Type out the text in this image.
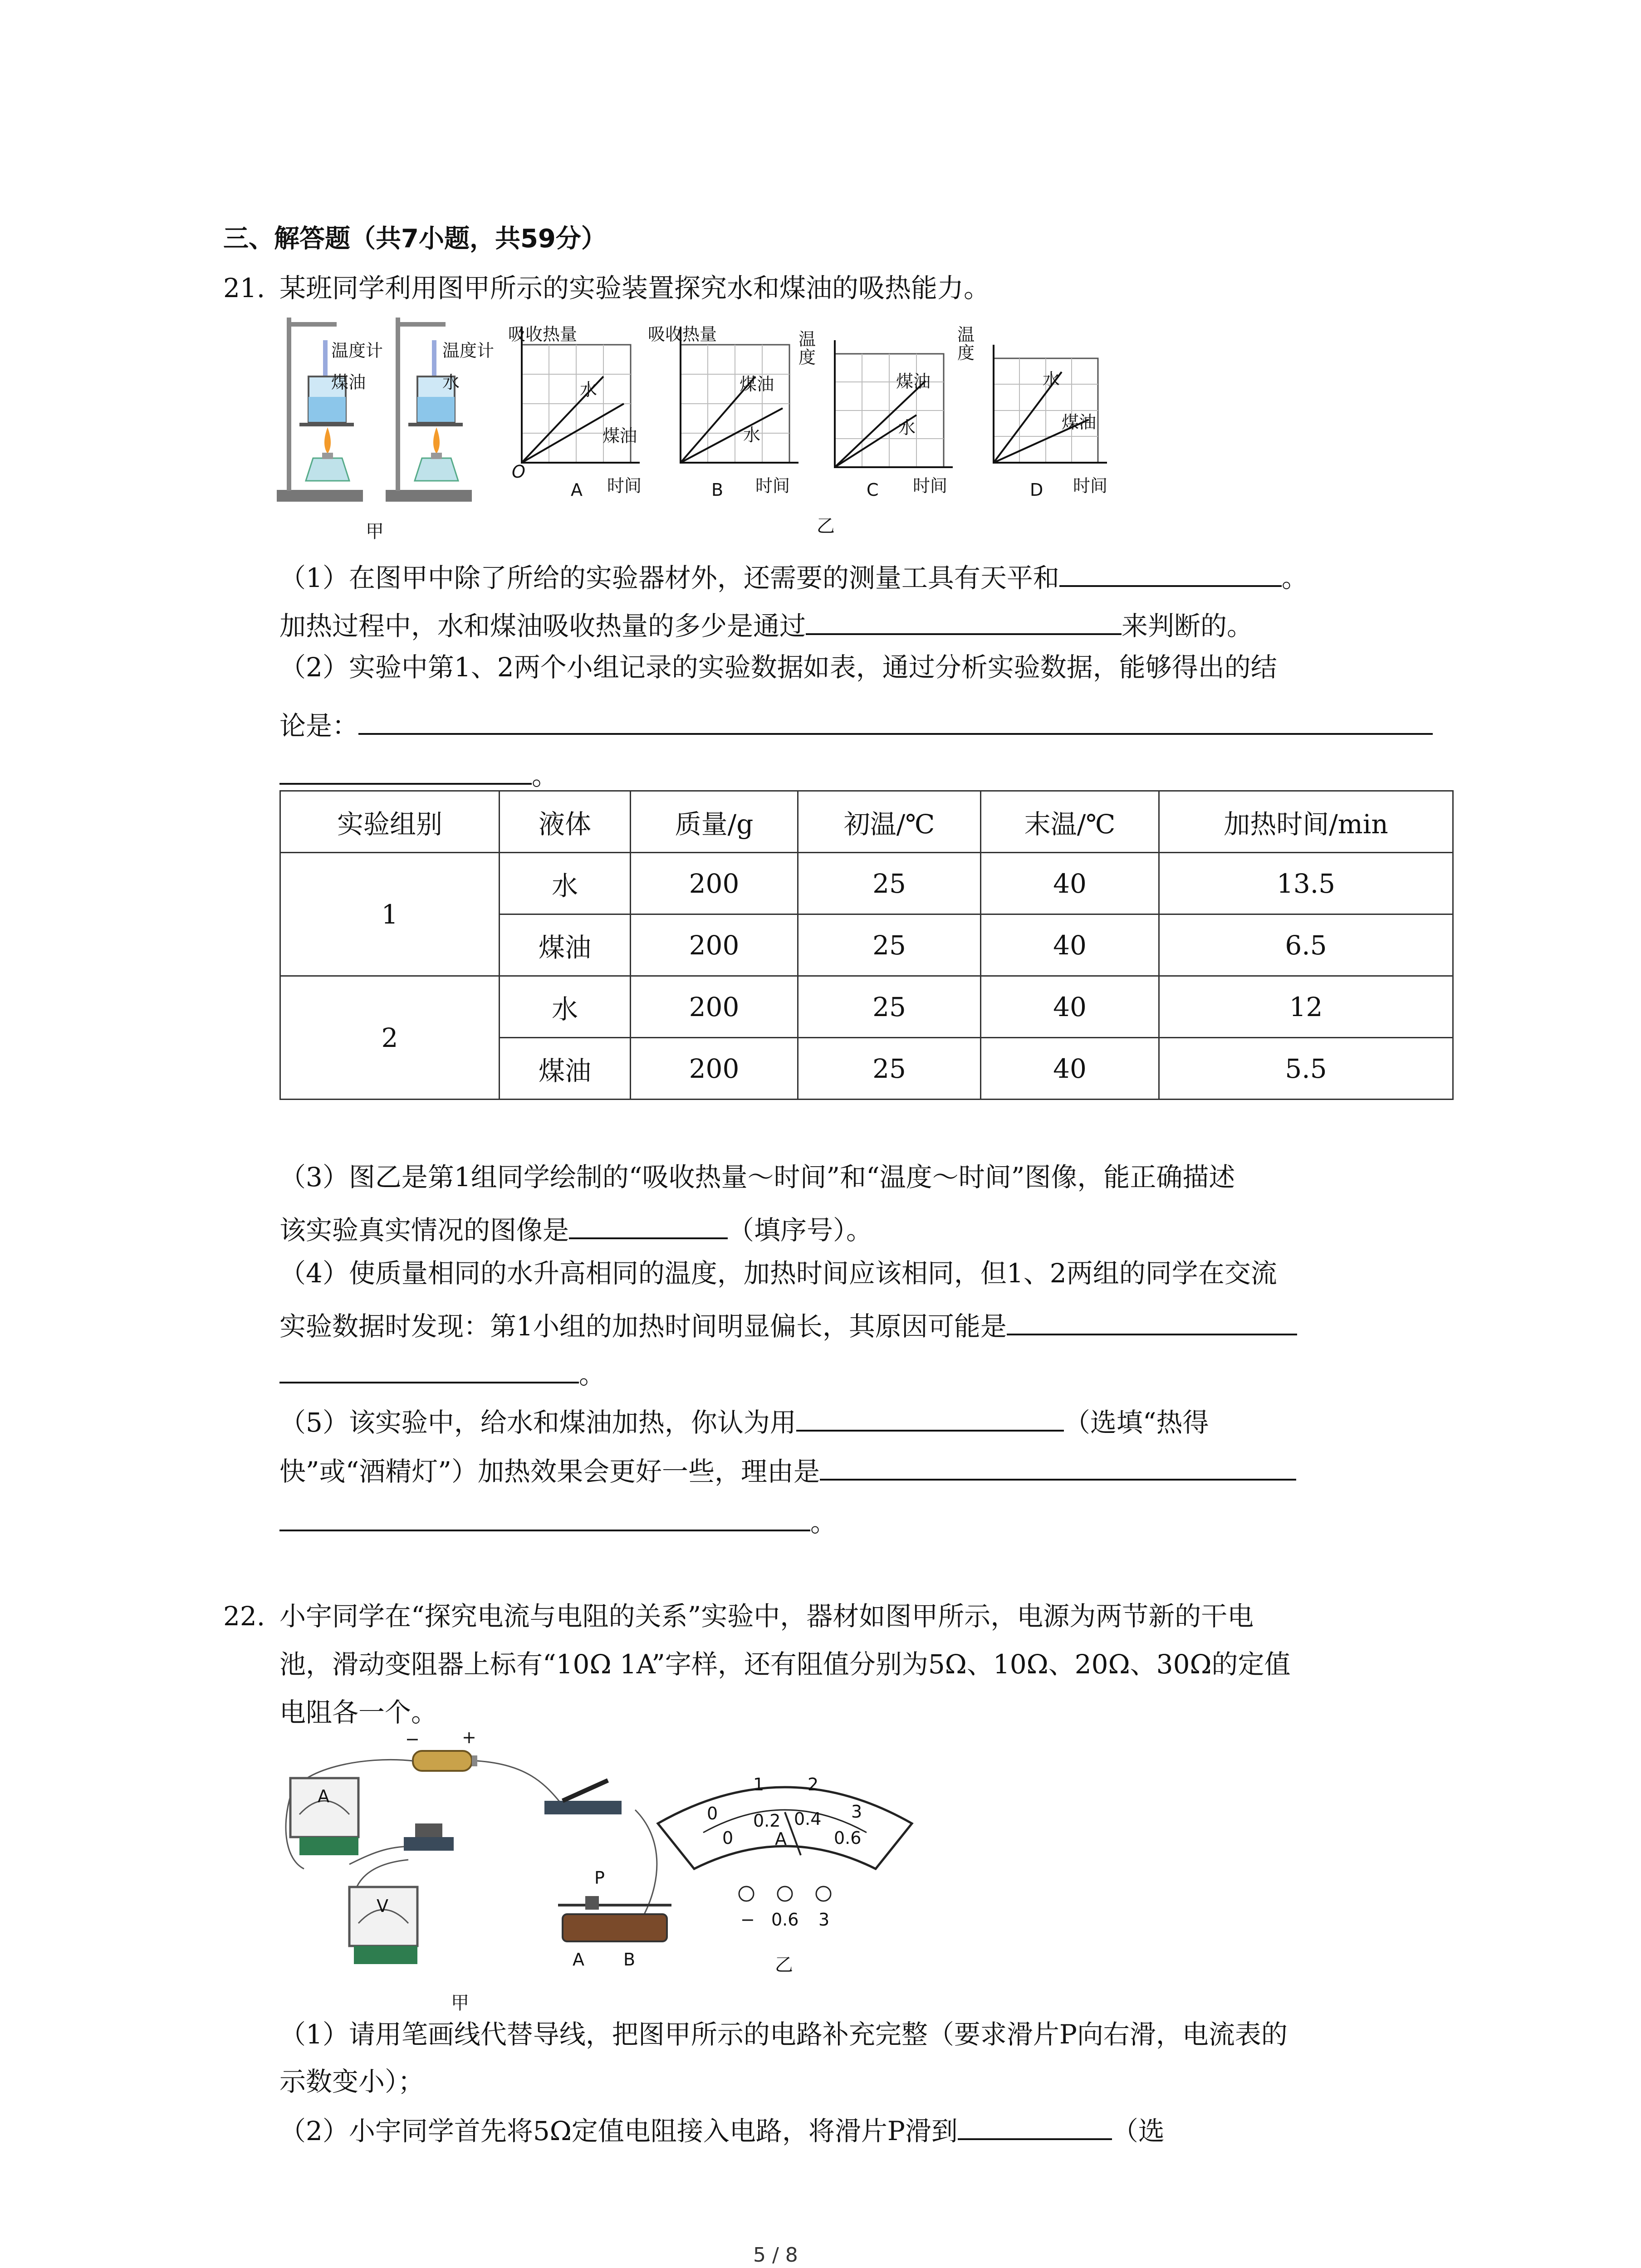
三、解答题（共7小题，共59分）
21. 某班同学利用图甲所示的实验装置探究水和煤油的吸热能力。
温度计
煤油
温度计
水
甲
吸收热量
水
煤油
O
A 时间
吸收热量
煤油
水
B 时间
温度
煤油
水
C 时间
温度
水
煤油
D 时间
乙
（1）在图甲中除了所给的实验器材外，还需要的测量工具有天平和	。
加热过程中，水和煤油吸收热量的多少是通过	来判断的。
（2）实验中第1、2两个小组记录的实验数据如表，通过分析实验数据，能够得出的结
论是：
。
实验组别	液体	质量/g	初温/℃	末温/℃	加热时间/min
1	水	200	25	40	13.5
	煤油	200	25	40	6.5
2	水	200	25	40	12
	煤油	200	25	40	5.5
（3）图乙是第1组同学绘制的“吸收热量～时间”和“温度～时间”图像，能正确描述
该实验真实情况的图像是	（填序号）。
（4）使质量相同的水升高相同的温度，加热时间应该相同，但1、2两组的同学在交流
实验数据时发现：第1小组的加热时间明显偏长，其原因可能是
。
（5）该实验中，给水和煤油加热，你认为用	（选填“热得
快”或“酒精灯”）加热效果会更好一些，理由是
。
22. 小宇同学在“探究电流与电阻的关系”实验中，器材如图甲所示，电源为两节新的干电
池，滑动变阻器上标有“10Ω 1A”字样，还有阻值分别为5Ω、10Ω、20Ω、30Ω的定值
电阻各一个。
− +
A
V
P
A B
甲
0
1	2
3
0
0.2 0.4
0.6
A
− 0.6 3
乙
（1）请用笔画线代替导线，把图甲所示的电路补充完整（要求滑片P向右滑，电流表的
示数变小）；
（2）小宇同学首先将5Ω定值电阻接入电路，将滑片P滑到	（选
5 / 8
